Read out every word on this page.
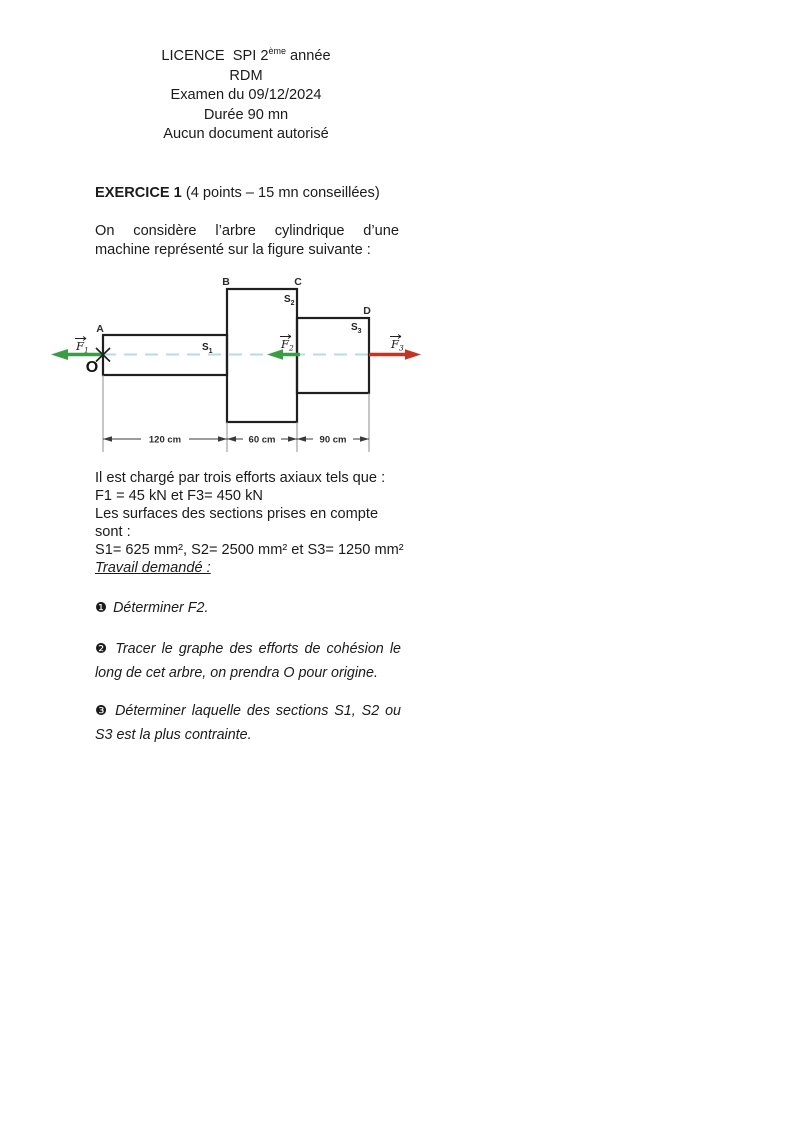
LICENCE  SPI 2ème année
RDM
Examen du 09/12/2024
Durée 90 mn
Aucun document autorisé
EXERCICE 1 (4 points – 15 mn conseillées)
On considère l’arbre cylindrique d’une machine représenté sur la figure suivante :
120 cm	60 cm	90 cm
A
B	C
D
O
$S_1$
$S_2$
$S_3$
$F_1$	$F_2$	$F_3$
Il est chargé par trois efforts axiaux tels que :
F1 = 45 kN et F3= 450 kN
Les surfaces des sections prises en compte sont :
S1= 625 mm², S2= 2500 mm² et S3= 1250 mm²
Travail demandé :
❶ Déterminer F2.
❷ Tracer le graphe des efforts de cohésion le long de cet arbre, on prendra O pour origine.
❸ Déterminer laquelle des sections S1, S2 ou S3 est la plus contrainte.
